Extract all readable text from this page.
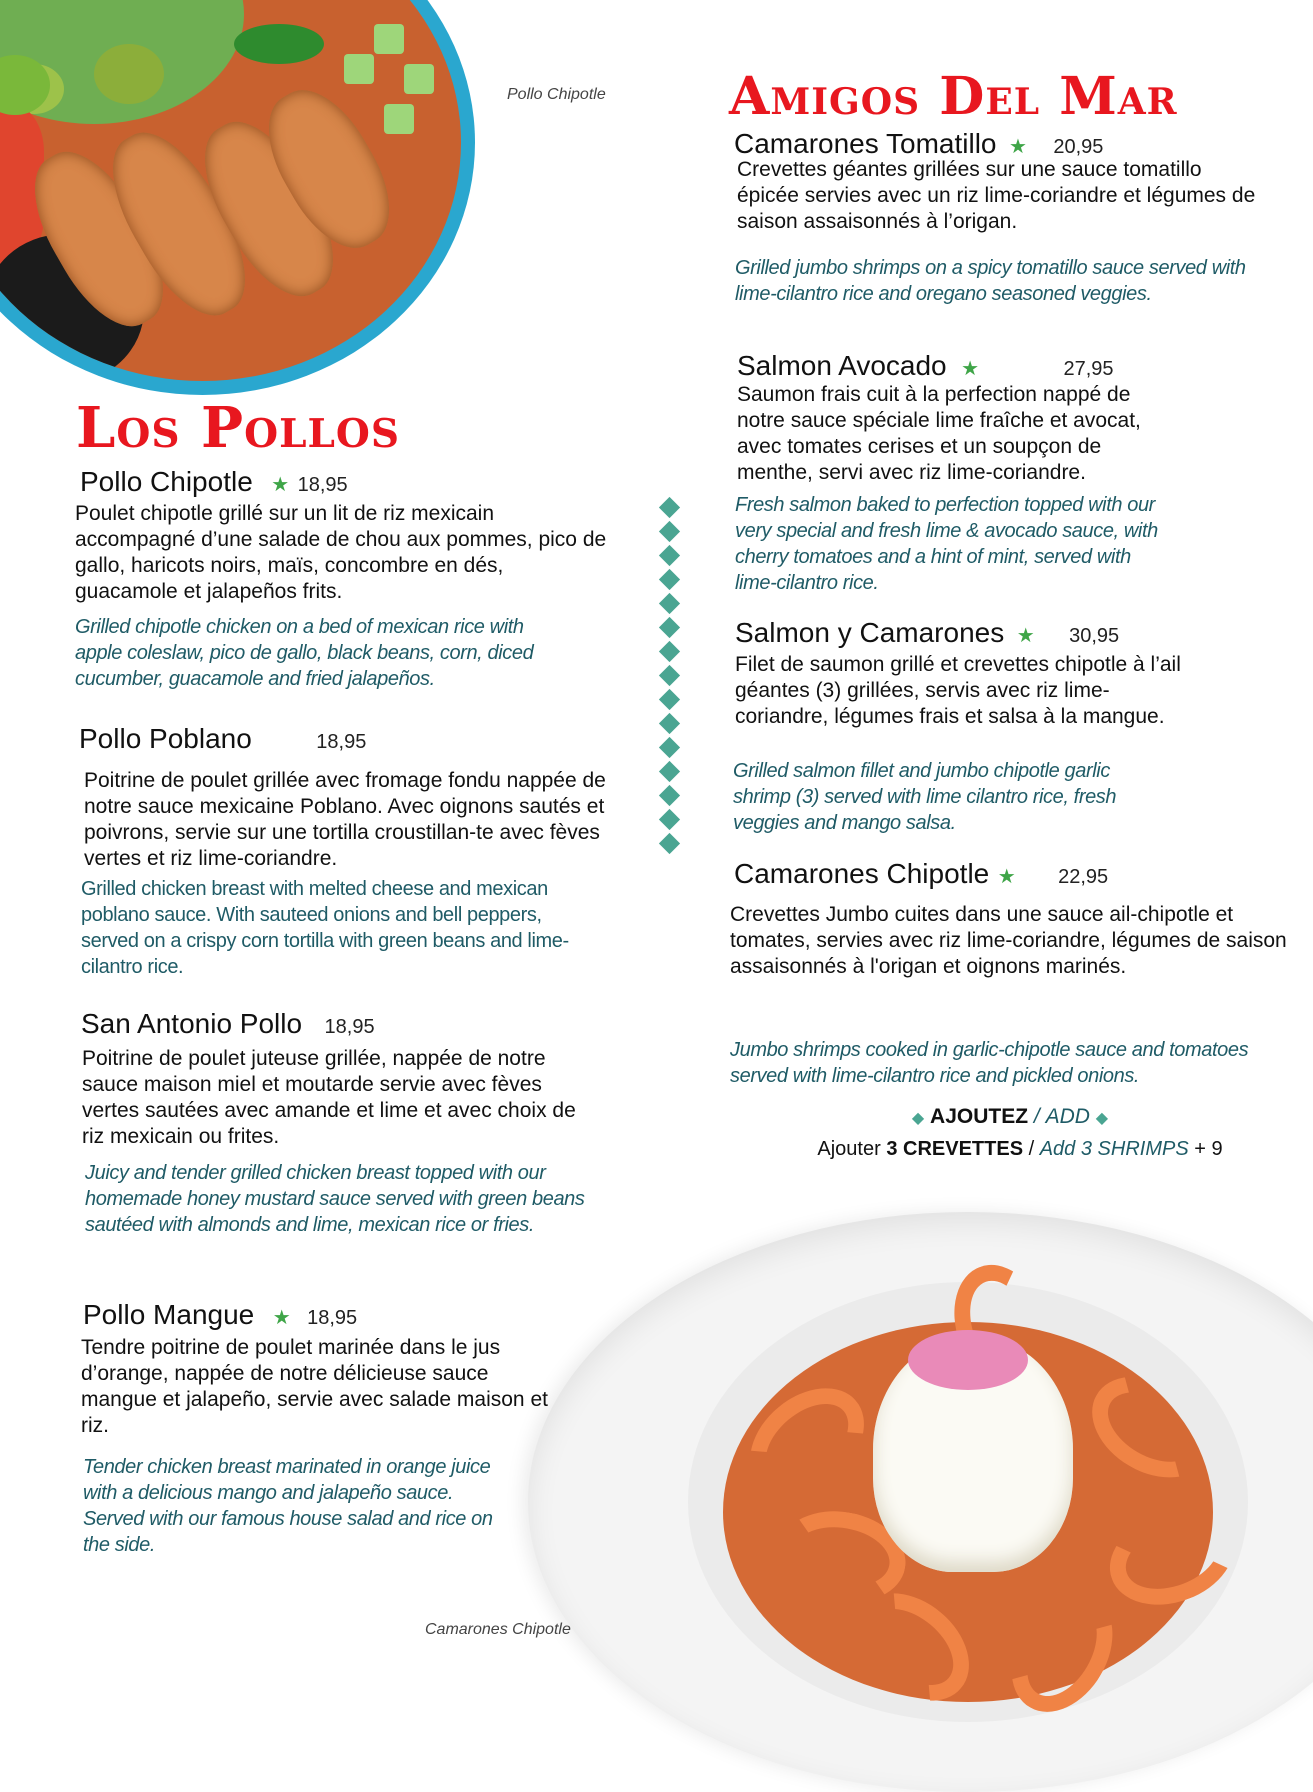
Pollo Chipotle
Los Pollos
Pollo Chipotle ★ 18,95
Poulet chipotle grillé sur un lit de riz mexicain accompagné d’une salade de chou aux pommes, pico de gallo, haricots noirs, maïs, concombre en dés, guacamole et jalapeños frits.
Grilled chipotle chicken on a bed of mexican rice with apple coleslaw, pico de gallo, black beans, corn, diced cucumber, guacamole and fried jalapeños.
Pollo Poblano	18,95
Poitrine de poulet grillée avec fromage fondu nappée de notre sauce mexicaine Poblano. Avec oignons sautés et poivrons, servie sur une tortilla croustillan-te avec fèves vertes et riz lime-coriandre.
Grilled chicken breast with melted cheese and mexican poblano sauce. With sauteed onions and bell peppers, served on a crispy corn tortilla with green beans and lime-cilantro rice.
San Antonio Pollo 18,95
Poitrine de poulet juteuse grillée, nappée de notre sauce maison miel et moutarde servie avec fèves vertes sautées avec amande et lime et avec choix de riz mexicain ou frites.
Juicy and tender grilled chicken breast topped with our homemade honey mustard sauce served with green beans sautéed with almonds and lime, mexican rice or fries.
Pollo Mangue ★ 18,95
Tendre poitrine de poulet marinée dans le jus d’orange, nappée de notre délicieuse sauce mangue et jalapeño, servie avec salade maison et riz.
Tender chicken breast marinated in orange juice with a delicious mango and jalapeño sauce. Served with our famous house salad and rice on the side.
Amigos Del Mar
Camarones Tomatillo ★ 20,95
Crevettes géantes grillées sur une sauce tomatillo épicée servies avec un riz lime-coriandre et légumes de saison assaisonnés à l’origan.
Grilled jumbo shrimps on a spicy tomatillo sauce served with lime-cilantro rice and oregano seasoned veggies.
Salmon Avocado ★	27,95
Saumon frais cuit à la perfection nappé de notre sauce spéciale lime fraîche et avocat, avec tomates cerises et un soupçon de menthe, servi avec riz lime-coriandre.
Fresh salmon baked to perfection topped with our very special and fresh lime & avocado sauce, with cherry tomatoes and a hint of mint, served with lime-cilantro rice.
Salmon y Camarones ★ 30,95
Filet de saumon grillé et crevettes chipotle à l’ail géantes (3) grillées, servis avec riz lime-coriandre, légumes frais et salsa à la mangue.
Grilled salmon fillet and jumbo chipotle garlic shrimp (3) served with lime cilantro rice, fresh veggies and mango salsa.
Camarones Chipotle ★ 22,95
Crevettes Jumbo cuites dans une sauce ail-chipotle et tomates, servies avec riz lime-coriandre, légumes de saison assaisonnés à l'origan et oignons marinés.
Jumbo shrimps cooked in garlic-chipotle sauce and tomatoes served with lime-cilantro rice and pickled onions.
◆ AJOUTEZ / ADD ◆
Ajouter 3 CREVETTES / Add 3 SHRIMPS + 9
Camarones Chipotle
